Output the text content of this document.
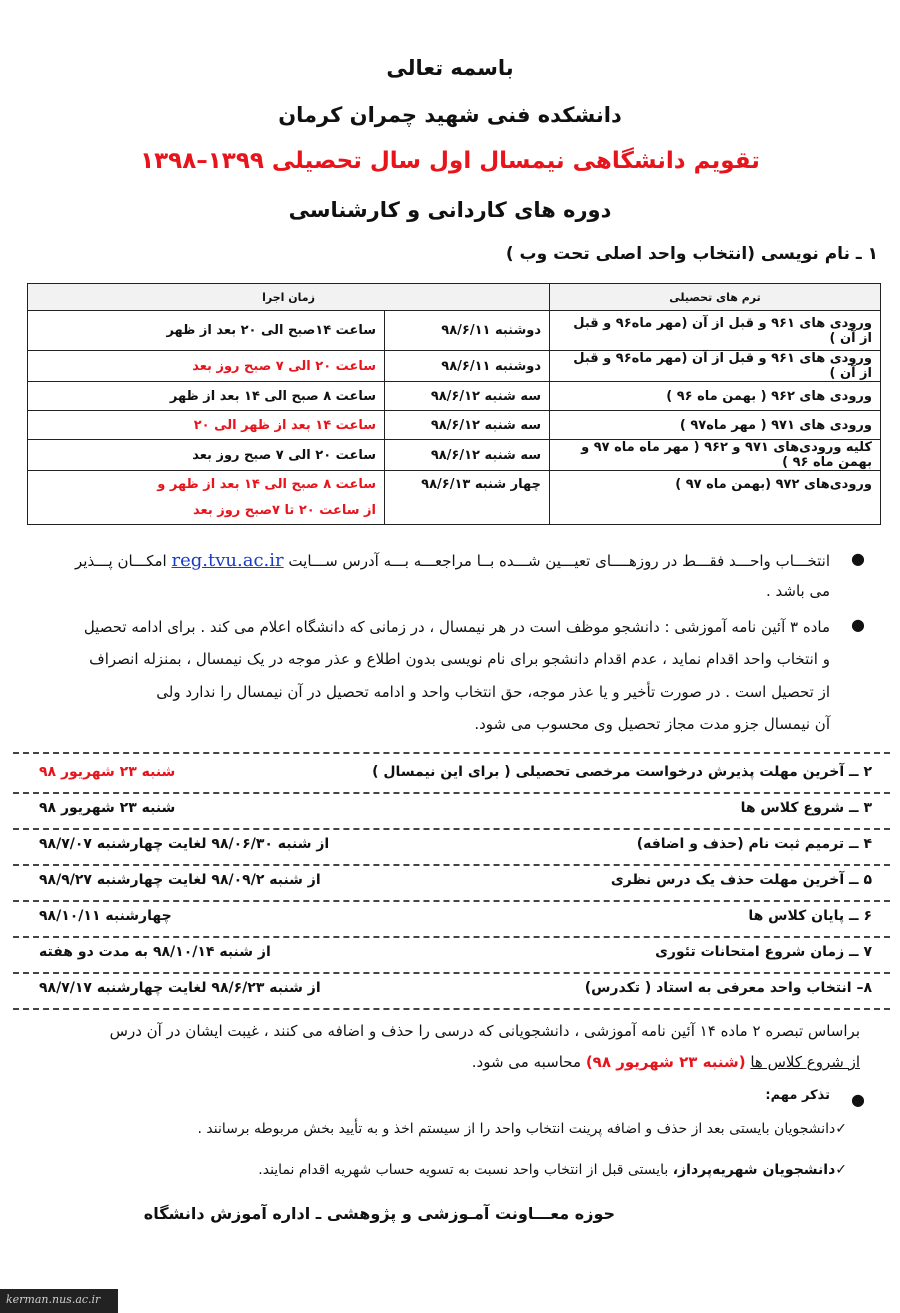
باسمه تعالی
دانشکده فنی شهید چمران کرمان
تقویم دانشگاهی نیمسال اول سال تحصیلی ۱۳۹۹–۱۳۹۸
دوره های کاردانی و کارشناسی
۱ ـ نام نویسی (انتخاب واحد اصلی تحت وب )
ترم های تحصیلی	زمان اجرا	
ورودی های ۹۶۱ و قبل از آن (مهر ماه۹۶ و قبل از آن )	دوشنبه ۹۸/۶/۱۱	ساعت ۱۴صبح الی ۲۰ بعد از ظهر
ورودی های ۹۶۱ و قبل از آن (مهر ماه۹۶ و قبل از آن )	دوشنبه ۹۸/۶/۱۱	ساعت ۲۰ الی ۷ صبح روز بعد
ورودی های ۹۶۲ ( بهمن ماه ۹۶ )	سه شنبه ۹۸/۶/۱۲	ساعت ۸ صبح الی ۱۴ بعد از ظهر
ورودی های ۹۷۱ ( مهر ماه۹۷ )	سه شنبه ۹۸/۶/۱۲	ساعت ۱۴ بعد از ظهر الی ۲۰
کلیه ورودی‌های ۹۷۱ و ۹۶۲ ( مهر ماه ماه ۹۷ و بهمن ماه ۹۶ )	سه شنبه ۹۸/۶/۱۲	ساعت ۲۰ الی ۷ صبح روز بعد
ورودی‌های ۹۷۲ (بهمن ماه ۹۷ )	چهار شنبه ۹۸/۶/۱۳	ساعت ۸ صبح الی ۱۴ بعد از ظهر و
از ساعت ۲۰ تا ۷صبح روز بعد
●
انتخـــاب واحـــد فقـــط در روزهــــای تعیـــین شـــده بــا مراجعـــه بـــه آدرس ســـایت reg.tvu.ac.ir امکـــان پـــذیر
می باشد .
●
ماده ۳ آئین نامه آموزشی : دانشجو موظف است در هر نیمسال ، در زمانی که دانشگاه اعلام می کند . برای ادامه تحصیل
و انتخاب واحد اقدام نماید ، عدم اقدام دانشجو برای نام نویسی بدون اطلاع و عذر موجه در یک نیمسال ، بمنزله انصراف
از تحصیل است . در صورت تأخیر و یا عذر موجه، حق انتخاب واحد و ادامه تحصیل در آن نیمسال را ندارد ولی
آن نیمسال جزو مدت مجاز تحصیل وی محسوب می شود.
۲ ــ آخرین مهلت پذیرش درخواست مرخصی تحصیلی ( برای این نیمسال )
شنبه ۲۳ شهریور ۹۸
۳ ــ شروع کلاس ها
شنبه ۲۳ شهریور ۹۸
۴ ــ ترمیم ثبت نام (حذف و اضافه)
از شنبه ۹۸/۰۶/۳۰ لغایت چهارشنبه ۹۸/۷/۰۷
۵ ــ آخرین مهلت حذف یک درس نظری
از شنبه ۹۸/۰۹/۲ لغایت چهارشنبه ۹۸/۹/۲۷
۶ ــ پایان کلاس ها
چهارشنبه ۹۸/۱۰/۱۱
۷ ــ زمان شروع امتحانات تئوری
از شنبه ۹۸/۱۰/۱۴ به مدت دو هفته
۸– انتخاب واحد معرفی به استاد ( تکدرس)
از شنبه ۹۸/۶/۲۳ لغایت چهارشنبه ۹۸/۷/۱۷
براساس تبصره ۲ ماده ۱۴ آئین نامه آموزشی ، دانشجویانی که درسی را حذف و اضافه می کنند ، غیبت ایشان در آن درس
از شروع کلاس ها (شنبه ۲۳ شهریور ۹۸) محاسبه می شود.
●
تذکر مهم:
✓دانشجویان بایستی بعد از حذف و اضافه پرینت انتخاب واحد را از سیستم اخذ و به تأیید بخش مربوطه برسانند .
✓دانشجویان شهریه‌پرداز، بایستی قبل از انتخاب واحد نسبت به تسویه حساب شهریه اقدام نمایند.
حوزه معـــاونت آمـوزشی و پژوهشی ـ اداره آموزش دانشگاه
kerman.nus.ac.ir
